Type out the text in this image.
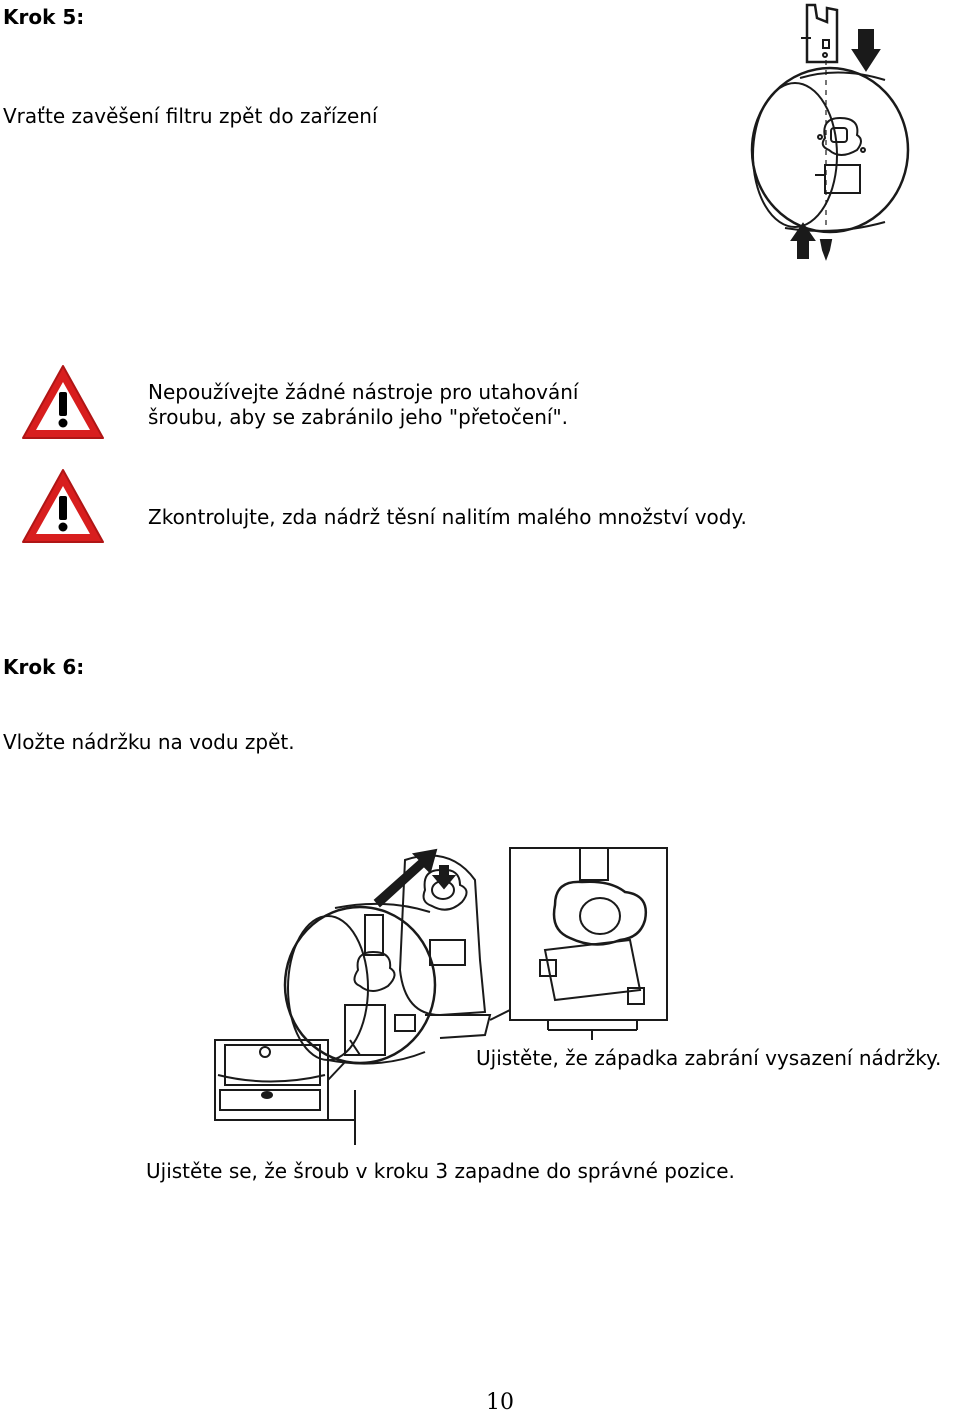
Krok 5:
Vraťte zavěšení filtru zpět do zařízení
Nepoužívejte žádné nástroje pro utahování
šroubu, aby se zabránilo jeho "přetočení".
Zkontrolujte, zda nádrž těsní nalitím malého množství vody.
Krok 6:
Vložte nádržku na vodu zpět.
Ujistěte, že západka zabrání vysazení nádržky.
Ujistěte se, že šroub v kroku 3 zapadne do správné pozice.
10
